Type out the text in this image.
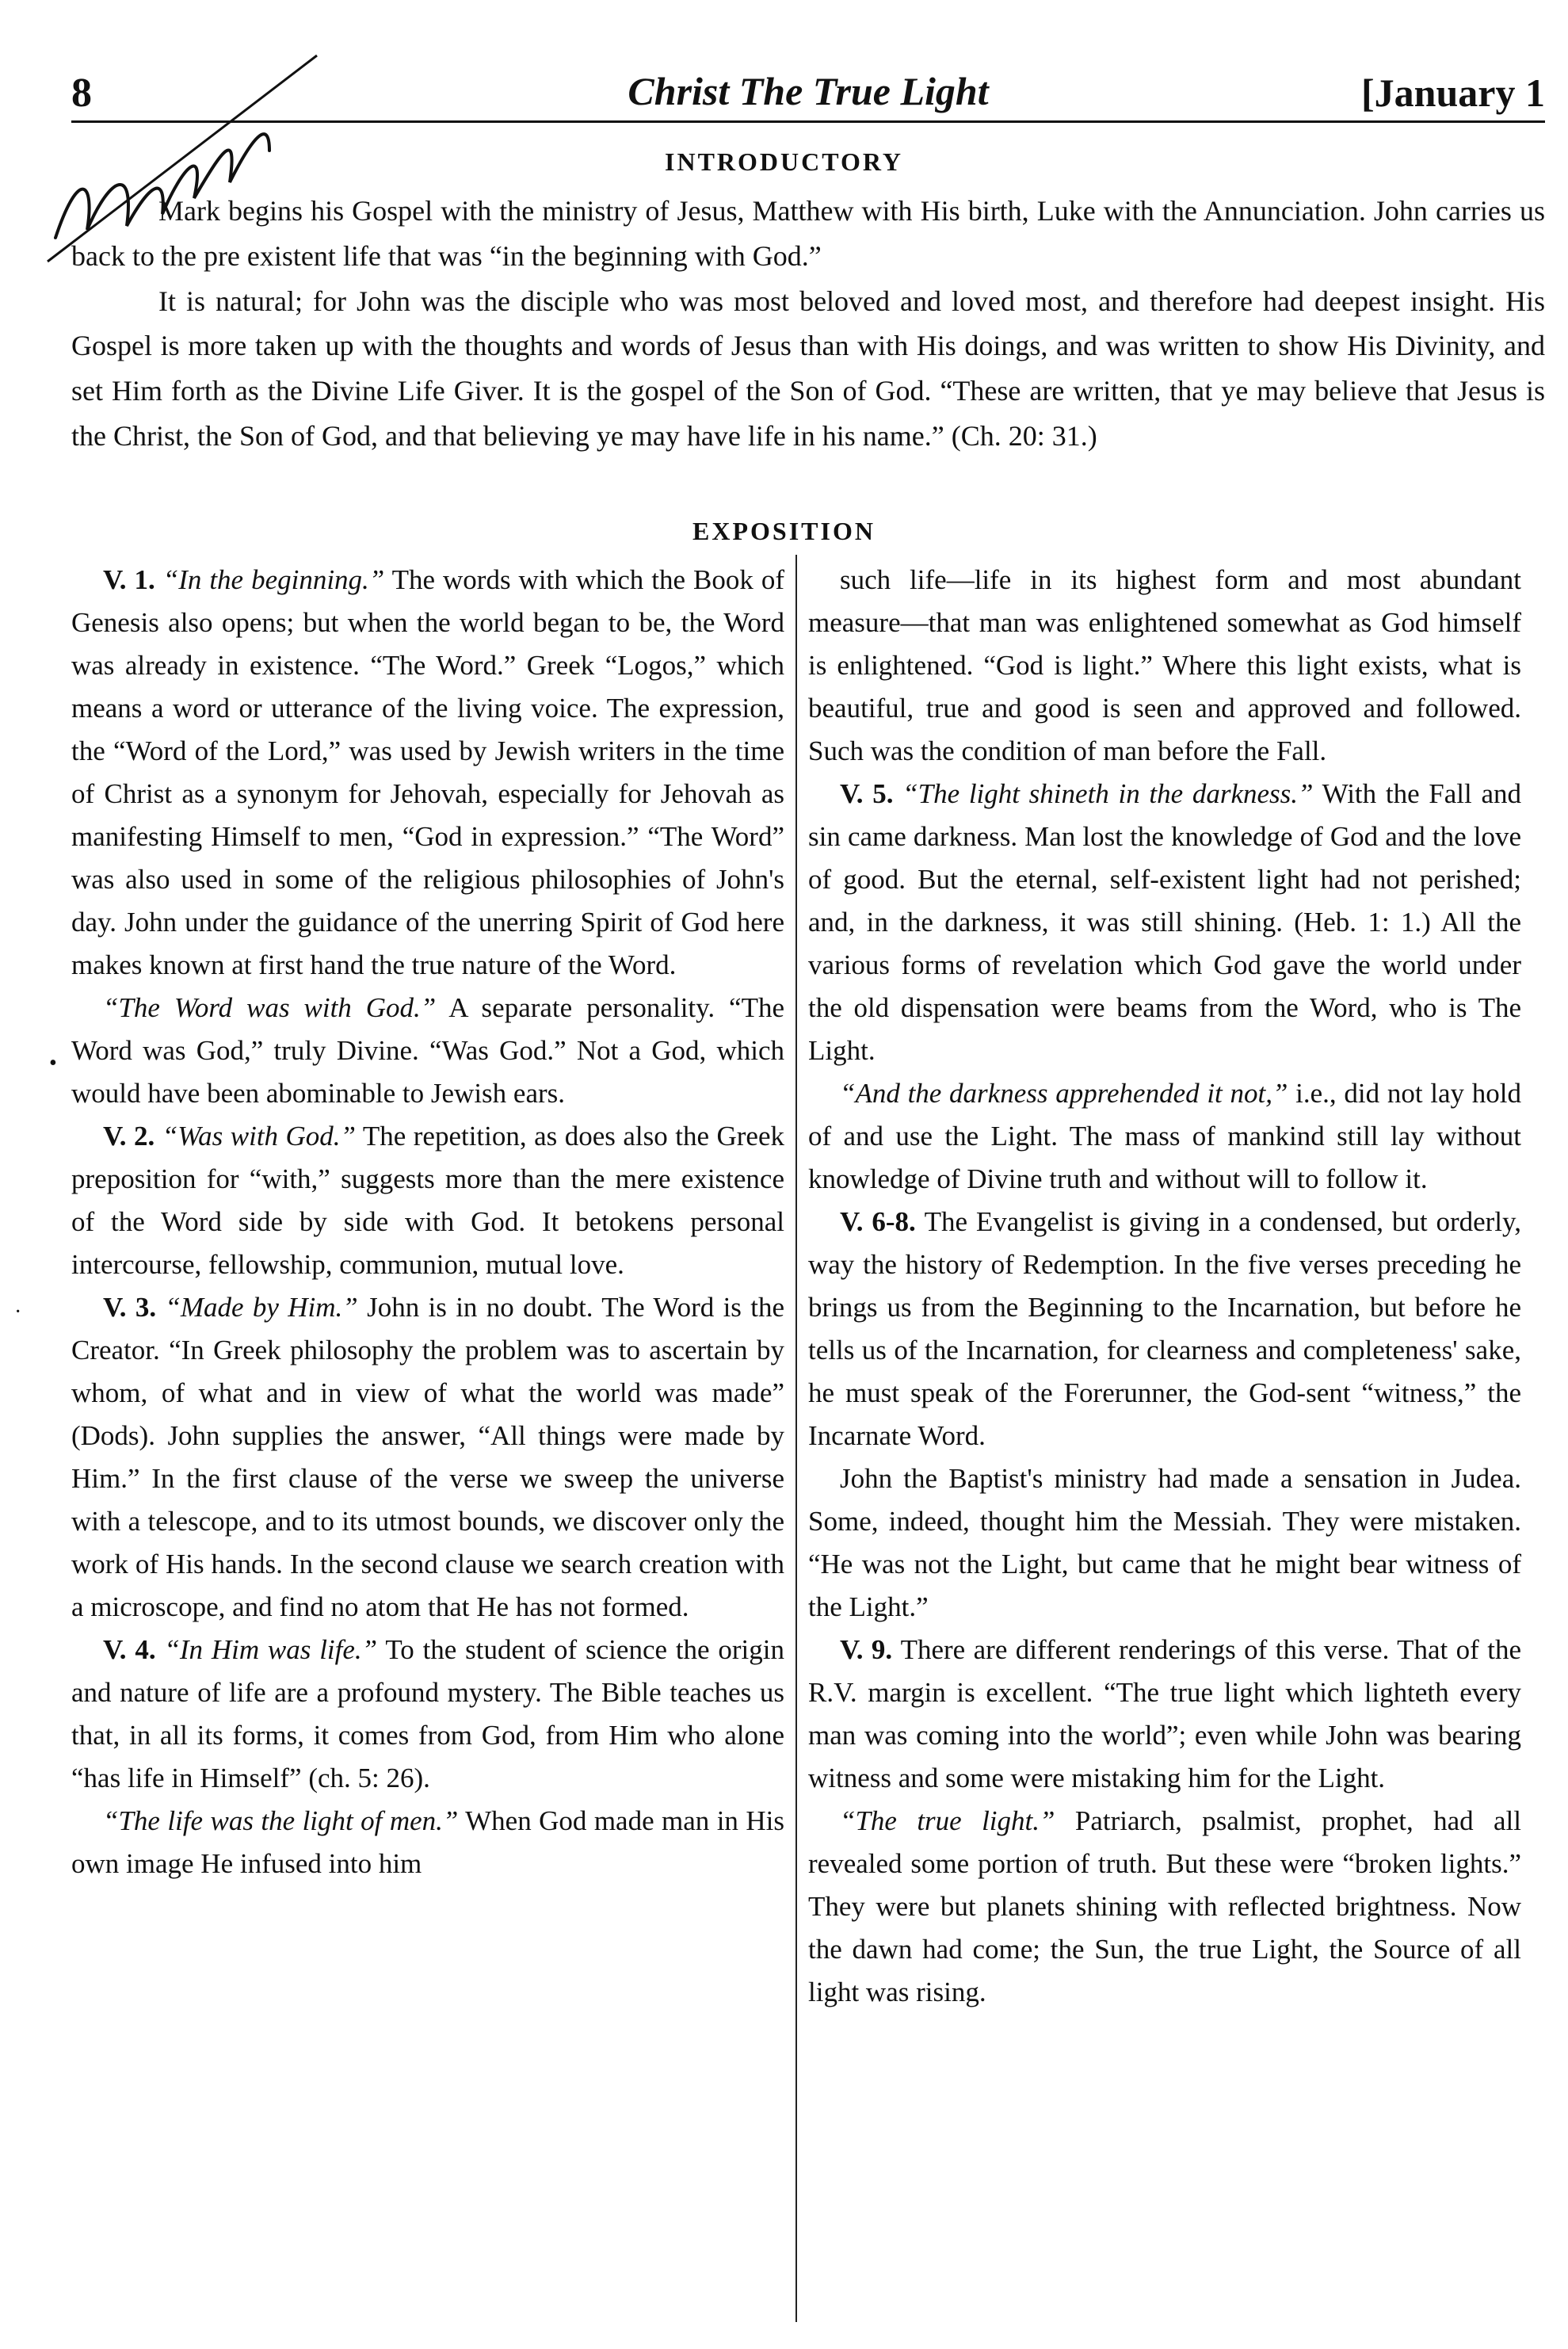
8	Christ The True Light	[January 1
Matthew
INTRODUCTORY

Mark begins his Gospel with the ministry of Jesus, Matthew with His birth, Luke with the Annunciation. John carries us back to the pre existent life that was “in the beginning with God.”

It is natural; for John was the disciple who was most beloved and loved most, and therefore had deepest insight. His Gospel is more taken up with the thoughts and words of Jesus than with His doings, and was written to show His Divinity, and set Him forth as the Divine Life Giver. It is the gospel of the Son of God. “These are written, that ye may believe that Jesus is the Christ, the Son of God, and that believing ye may have life in his name.” (Ch. 20: 31.)

EXPOSITION

V. 1. “In the beginning.” The words with which the Book of Genesis also opens; but when the world began to be, the Word was already in existence. “The Word.” Greek “Logos,” which means a word or utterance of the living voice. The expression, the “Word of the Lord,” was used by Jewish writers in the time of Christ as a synonym for Jehovah, especially for Jehovah as manifesting Himself to men, “God in expression.” “The Word” was also used in some of the religious philosophies of John's day. John under the guidance of the unerring Spirit of God here makes known at first hand the true nature of the Word.

“The Word was with God.” A separate personality. “The Word was God,” truly Divine. “Was God.” Not a God, which would have been abominable to Jewish ears.

V. 2. “Was with God.” The repetition, as does also the Greek preposition for “with,” suggests more than the mere existence of the Word side by side with God. It betokens personal intercourse, fellowship, communion, mutual love.

V. 3. “Made by Him.” John is in no doubt. The Word is the Creator. “In Greek philosophy the problem was to ascertain by whom, of what and in view of what the world was made” (Dods). John supplies the answer, “All things were made by Him.” In the first clause of the verse we sweep the universe with a telescope, and to its utmost bounds, we discover only the work of His hands. In the second clause we search creation with a microscope, and find no atom that He has not formed.

V. 4. “In Him was life.” To the student of science the origin and nature of life are a profound mystery. The Bible teaches us that, in all its forms, it comes from God, from Him who alone “has life in Himself” (ch. 5: 26).

“The life was the light of men.” When God made man in His own image He infused into him

such life—life in its highest form and most abundant measure—that man was enlightened somewhat as God himself is enlightened. “God is light.” Where this light exists, what is beautiful, true and good is seen and approved and followed. Such was the condition of man before the Fall.

V. 5. “The light shineth in the darkness.” With the Fall and sin came darkness. Man lost the knowledge of God and the love of good. But the eternal, self-existent light had not perished; and, in the darkness, it was still shining. (Heb. 1: 1.) All the various forms of revelation which God gave the world under the old dispensation were beams from the Word, who is The Light.

“And the darkness apprehended it not,” i.e., did not lay hold of and use the Light. The mass of mankind still lay without knowledge of Divine truth and without will to follow it.

V. 6-8. The Evangelist is giving in a condensed, but orderly, way the history of Redemption. In the five verses preceding he brings us from the Beginning to the Incarnation, but before he tells us of the Incarnation, for clearness and completeness' sake, he must speak of the Forerunner, the God-sent “witness,” the Incarnate Word.

John the Baptist's ministry had made a sensation in Judea. Some, indeed, thought him the Messiah. They were mistaken. “He was not the Light, but came that he might bear witness of the Light.”

V. 9. There are different renderings of this verse. That of the R.V. margin is excellent. “The true light which lighteth every man was coming into the world”; even while John was bearing witness and some were mistaking him for the Light.

“The true light.” Patriarch, psalmist, prophet, had all revealed some portion of truth. But these were “broken lights.” They were but planets shining with reflected brightness. Now the dawn had come; the Sun, the true Light, the Source of all light was rising.

•
·
